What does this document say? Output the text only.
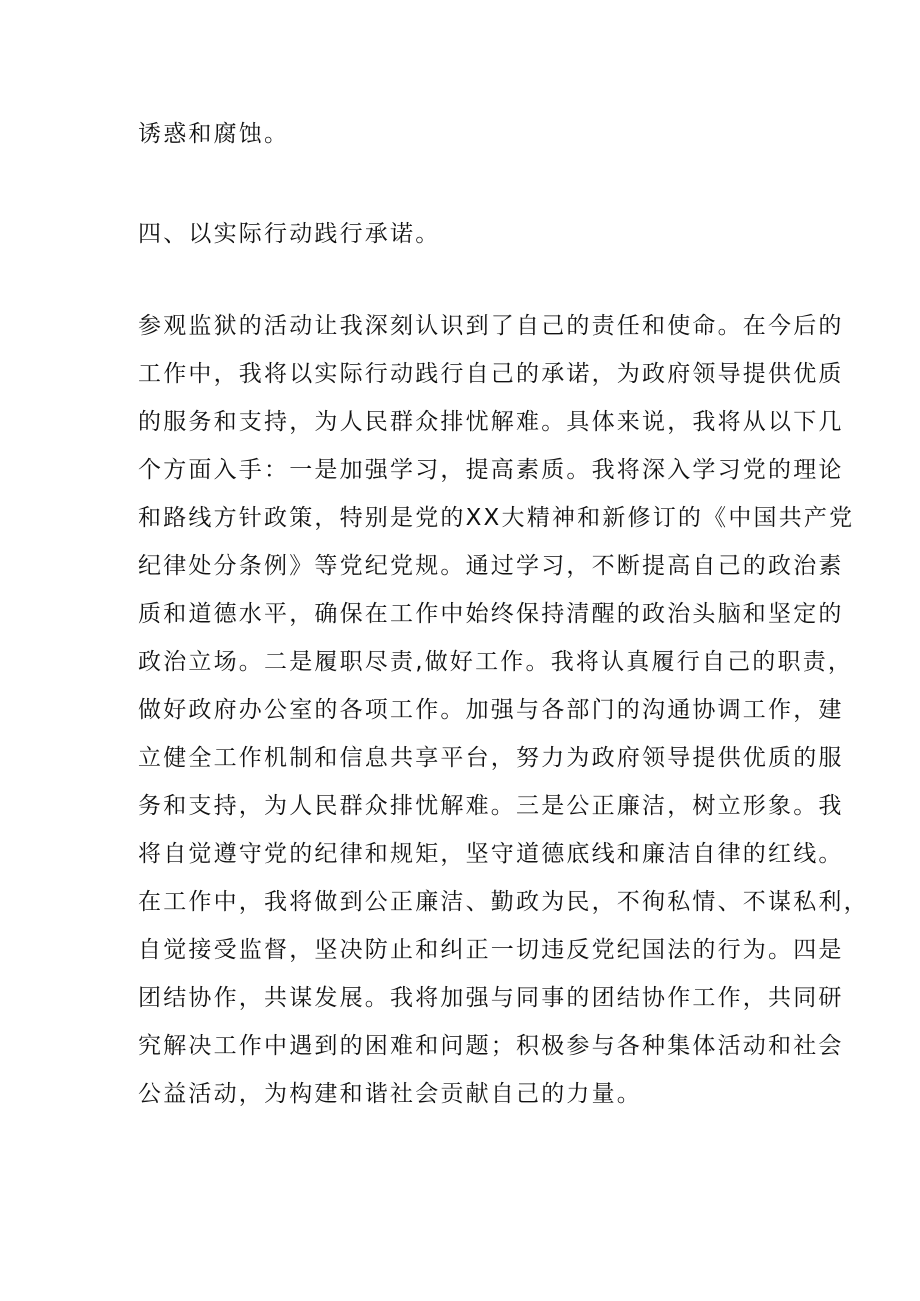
诱惑和腐蚀。
四、以实际行动践行承诺。
参观监狱的活动让我深刻认识到了自己的责任和使命。在今后的
工作中，我将以实际行动践行自己的承诺，为政府领导提供优质
的服务和支持，为人民群众排忧解难。具体来说，我将从以下几
个方面入手：一是加强学习，提高素质。我将深入学习党的理论
和路线方针政策，特别是党的XX大精神和新修订的《中国共产党
纪律处分条例》等党纪党规。通过学习，不断提高自己的政治素
质和道德水平，确保在工作中始终保持清醒的政治头脑和坚定的
政治立场。二是履职尽责,做好工作。我将认真履行自己的职责，
做好政府办公室的各项工作。加强与各部门的沟通协调工作，建
立健全工作机制和信息共享平台，努力为政府领导提供优质的服
务和支持，为人民群众排忧解难。三是公正廉洁，树立形象。我
将自觉遵守党的纪律和规矩，坚守道德底线和廉洁自律的红线。
在工作中，我将做到公正廉洁、勤政为民，不徇私情、不谋私利，
自觉接受监督，坚决防止和纠正一切违反党纪国法的行为。四是
团结协作，共谋发展。我将加强与同事的团结协作工作，共同研
究解决工作中遇到的困难和问题；积极参与各种集体活动和社会
公益活动，为构建和谐社会贡献自己的力量。
